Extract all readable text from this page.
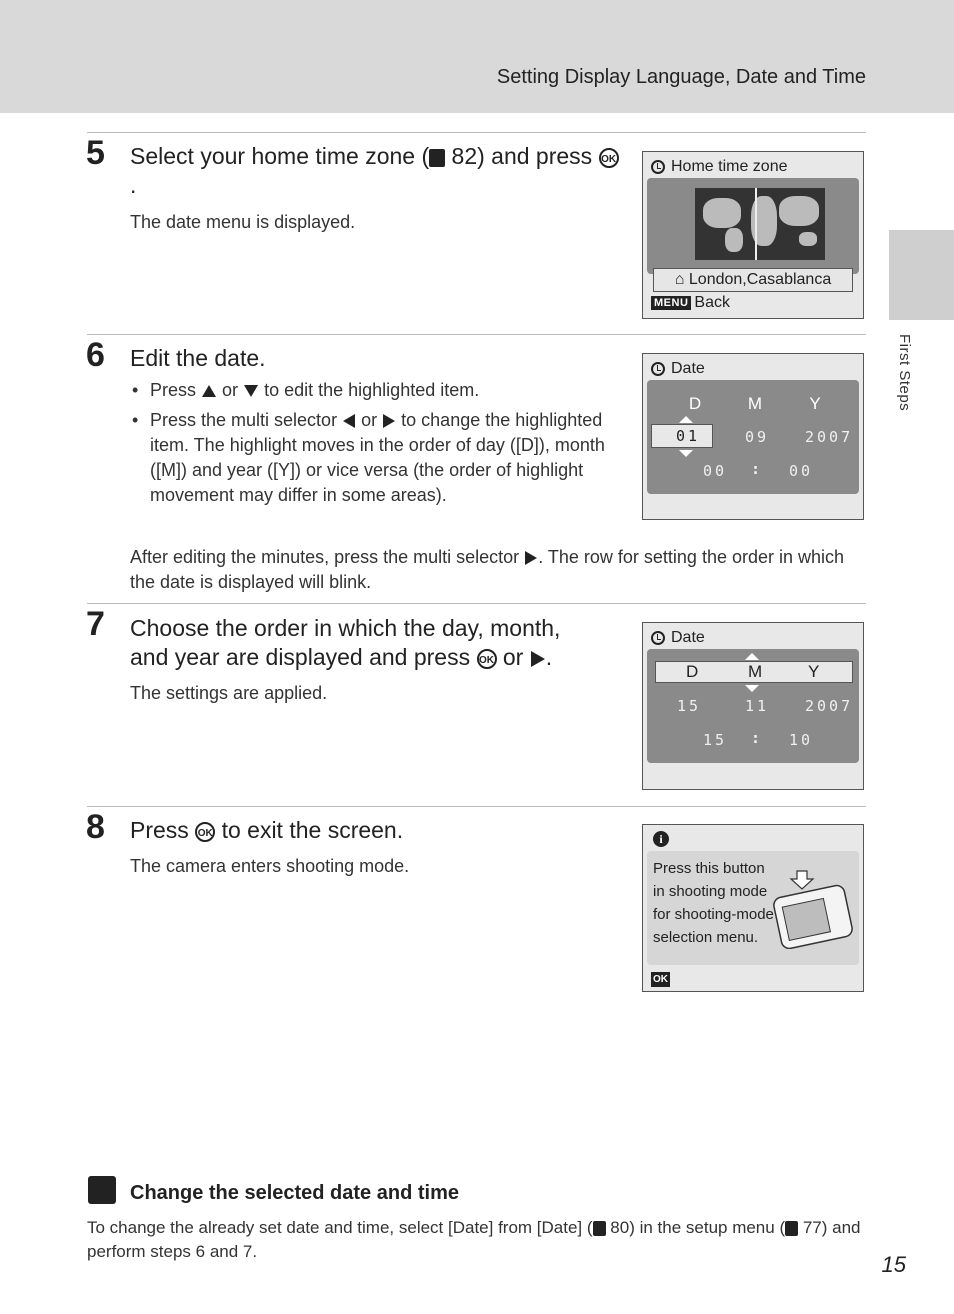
Setting Display Language, Date and Time
First Steps
5 Select your home time zone ( 82) and press OK.
The date menu is displayed.
Home time zone
⌂ London,Casablanca
MENU Back
6 Edit the date.
• Press or to edit the highlighted item.
• Press the multi selector or to change the highlighted item. The highlight moves in the order of day ([D]), month ([M]) and year ([Y]) or vice versa (the order of highlight movement may differ in some areas).
Date
D	M	Y
01	09 2007
00 : 00
After editing the minutes, press the multi selector . The row for setting the order in which the date is displayed will blink.
7 Choose the order in which the day, month, and year are displayed and press OK or .
The settings are applied.
Date
D	M	Y
15	11 2007
15 : 10
8 Press OK to exit the screen.
The camera enters shooting mode.
i
Press this button
in shooting mode
for shooting-mode
selection menu.
OK
Change the selected date and time
To change the already set date and time, select [Date] from [Date] ( 80) in the setup menu ( 77) and perform steps 6 and 7.
15
